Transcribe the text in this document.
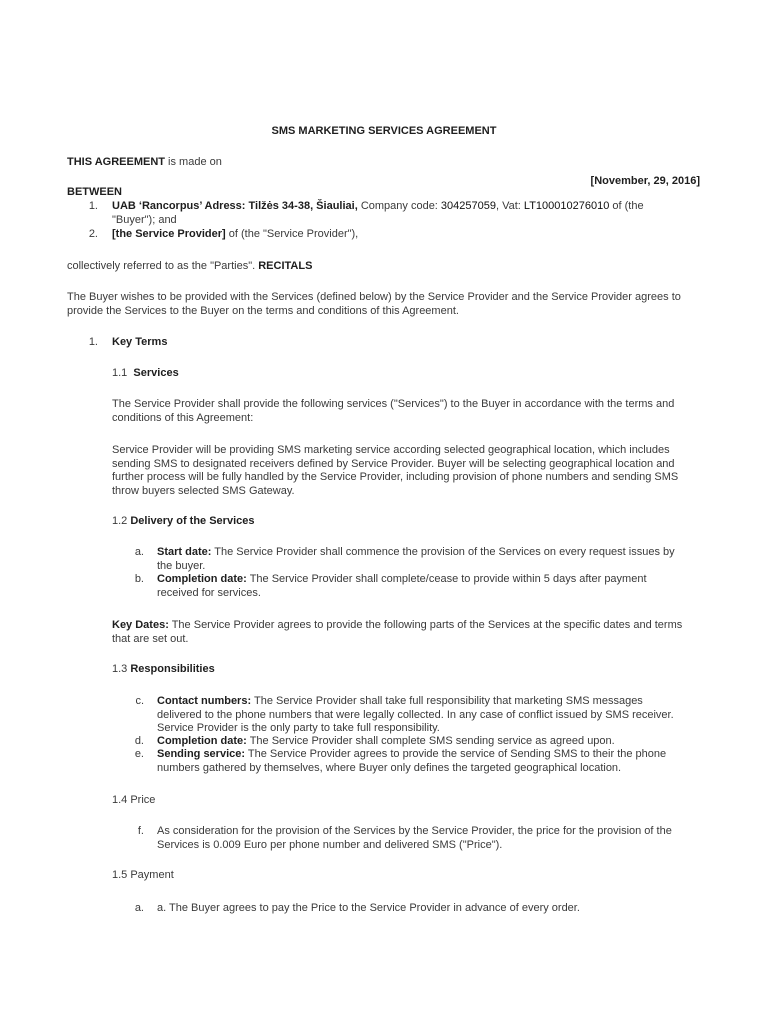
SMS MARKETING SERVICES AGREEMENT
THIS AGREEMENT is made on
[November, 29, 2016]
BETWEEN
1. UAB ‘Rancorpus’ Adress: Tilžės 34-38, Šiauliai, Company code: 304257059, Vat: LT100010276010 of (the

"Buyer"); and

2. [the Service Provider] of (the "Service Provider"),
collectively referred to as the "Parties". RECITALS

The Buyer wishes to be provided with the Services (defined below) by the Service Provider and the Service Provider agrees to

provide the Services to the Buyer on the terms and conditions of this Agreement.

1. Key Terms
1.1 Services

The Service Provider shall provide the following services ("Services") to the Buyer in accordance with the terms and

conditions of this Agreement:

Service Provider will be providing SMS marketing service according selected geographical location, which includes

sending SMS to designated receivers defined by Service Provider. Buyer will be selecting geographical location and

further process will be fully handled by the Service Provider, including provision of phone numbers and sending SMS

throw buyers selected SMS Gateway.

1.2 Delivery of the Services
a. Start date: The Service Provider shall commence the provision of the Services on every request issues by

the buyer.

b. Completion date: The Service Provider shall complete/cease to provide within 5 days after payment

received for services.

Key Dates: The Service Provider agrees to provide the following parts of the Services at the specific dates and terms

that are set out.

1.3 Responsibilities
c. Contact numbers: The Service Provider shall take full responsibility that marketing SMS messages

delivered to the phone numbers that were legally collected. In any case of conflict issued by SMS receiver.

Service Provider is the only party to take full responsibility.

d. Completion date: The Service Provider shall complete SMS sending service as agreed upon.

e. Sending service: The Service Provider agrees to provide the service of Sending SMS to their the phone

numbers gathered by themselves, where Buyer only defines the targeted geographical location.

1.4 Price
f. As consideration for the provision of the Services by the Service Provider, the price for the provision of the

Services is 0.009 Euro per phone number and delivered SMS ("Price").

1.5 Payment
a. a. The Buyer agrees to pay the Price to the Service Provider in advance of every order.
